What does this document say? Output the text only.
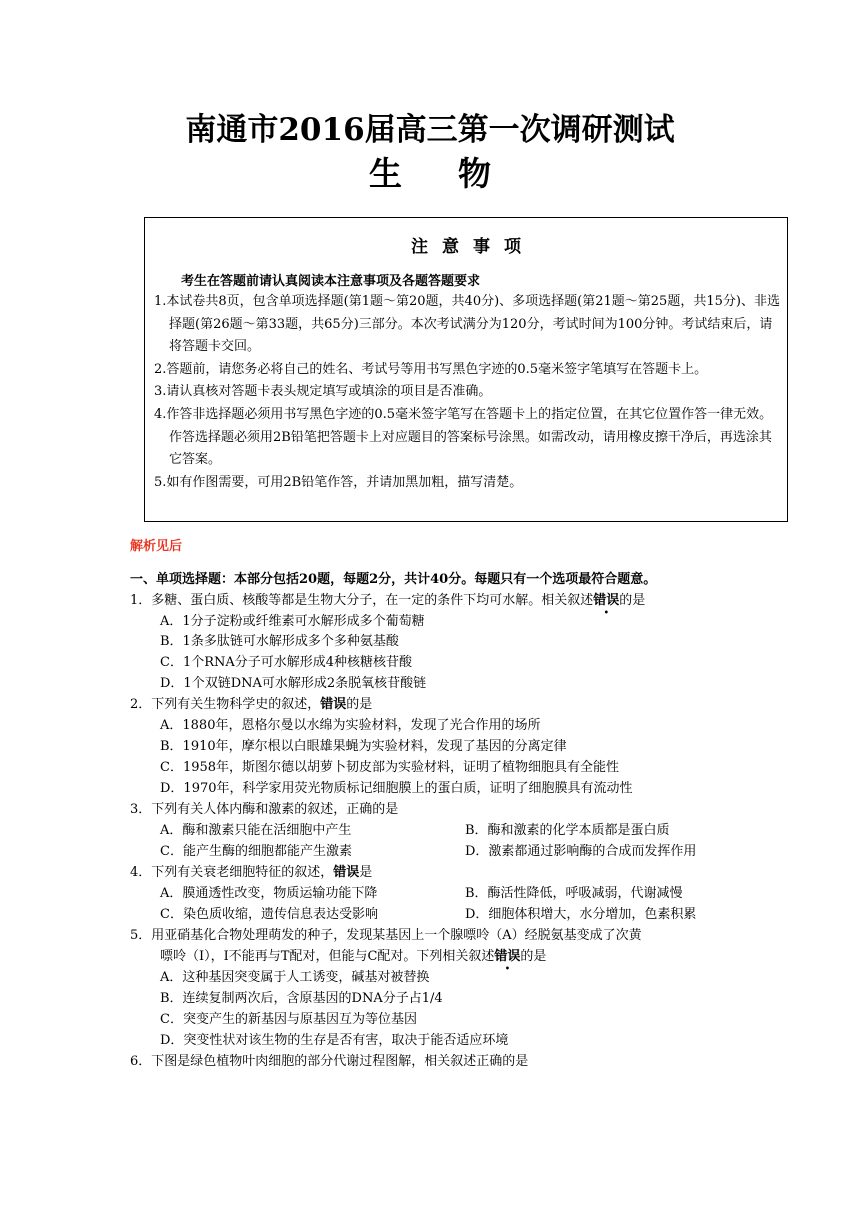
南通市2016届高三第一次调研测试
生物
注意事项
考生在答题前请认真阅读本注意事项及各题答题要求
1.本试卷共8页，包含单项选择题(第1题～第20题，共40分)、多项选择题(第21题～第25题，共15分)、非选择题(第26题～第33题，共65分)三部分。本次考试满分为120分，考试时间为100分钟。考试结束后，请将答题卡交回。
2.答题前，请您务必将自己的姓名、考试号等用书写黑色字迹的0.5毫米签字笔填写在答题卡上。
3.请认真核对答题卡表头规定填写或填涂的项目是否准确。
4.作答非选择题必须用书写黑色字迹的0.5毫米签字笔写在答题卡上的指定位置，在其它位置作答一律无效。作答选择题必须用2B铅笔把答题卡上对应题目的答案标号涂黑。如需改动，请用橡皮擦干净后，再选涂其它答案。
5.如有作图需要，可用2B铅笔作答，并请加黑加粗，描写清楚。
解析见后
一、单项选择题：本部分包括20题，每题2分，共计40分。每题只有一个选项最符合题意。
1．多糖、蛋白质、核酸等都是生物大分子，在一定的条件下均可水解。相关叙述错误的是
A．1分子淀粉或纤维素可水解形成多个葡萄糖
B．1条多肽链可水解形成多个多种氨基酸
C．1个RNA分子可水解形成4种核糖核苷酸
D．1个双链DNA可水解形成2条脱氧核苷酸链
2．下列有关生物科学史的叙述，错误的是
A．1880年，恩格尔曼以水绵为实验材料，发现了光合作用的场所
B．1910年，摩尔根以白眼雄果蝇为实验材料，发现了基因的分离定律
C．1958年，斯图尔德以胡萝卜韧皮部为实验材料，证明了植物细胞具有全能性
D．1970年，科学家用荧光物质标记细胞膜上的蛋白质，证明了细胞膜具有流动性
3．下列有关人体内酶和激素的叙述，正确的是
A．酶和激素只能在活细胞中产生	B．酶和激素的化学本质都是蛋白质
C．能产生酶的细胞都能产生激素	D．激素都通过影响酶的合成而发挥作用
4．下列有关衰老细胞特征的叙述，错误是
A．膜通透性改变，物质运输功能下降	B．酶活性降低，呼吸减弱，代谢减慢
C．染色质收缩，遗传信息表达受影响	D．细胞体积增大，水分增加，色素积累
5．用亚硝基化合物处理萌发的种子，发现某基因上一个腺嘌呤（A）经脱氨基变成了次黄
嘌呤（I），I不能再与T配对，但能与C配对。下列相关叙述错误的是
A．这种基因突变属于人工诱变，碱基对被替换
B．连续复制两次后，含原基因的DNA分子占1/4
C．突变产生的新基因与原基因互为等位基因
D．突变性状对该生物的生存是否有害，取决于能否适应环境
6．下图是绿色植物叶肉细胞的部分代谢过程图解，相关叙述正确的是
